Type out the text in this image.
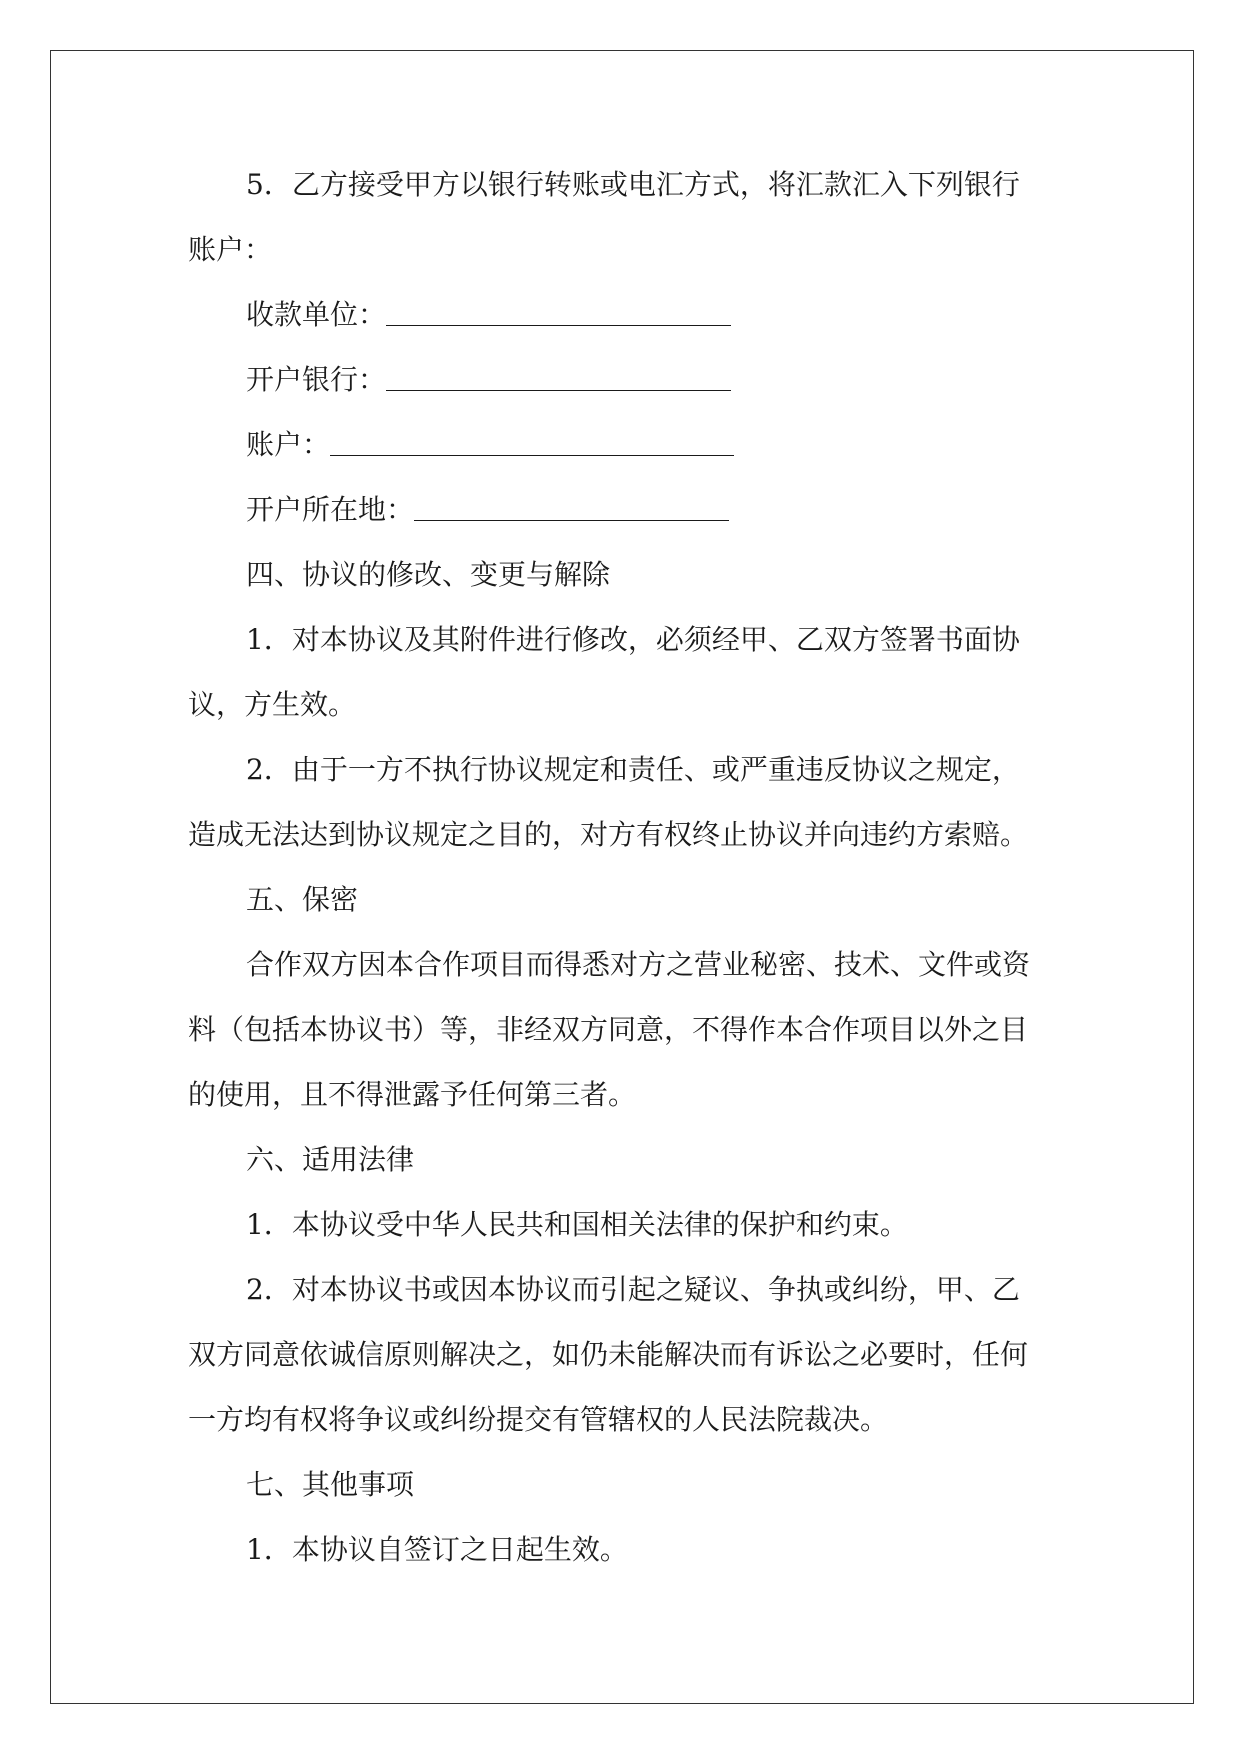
5．乙方接受甲方以银行转账或电汇方式，将汇款汇入下列银行
账户：
收款单位：
开户银行：
账户：
开户所在地：
四、协议的修改、变更与解除
1．对本协议及其附件进行修改，必须经甲、乙双方签署书面协
议，方生效。
2．由于一方不执行协议规定和责任、或严重违反协议之规定，
造成无法达到协议规定之目的，对方有权终止协议并向违约方索赔。
五、保密
合作双方因本合作项目而得悉对方之营业秘密、技术、文件或资
料（包括本协议书）等，非经双方同意，不得作本合作项目以外之目
的使用，且不得泄露予任何第三者。
六、适用法律
1．本协议受中华人民共和国相关法律的保护和约束。
2．对本协议书或因本协议而引起之疑议、争执或纠纷，甲、乙
双方同意依诚信原则解决之，如仍未能解决而有诉讼之必要时，任何
一方均有权将争议或纠纷提交有管辖权的人民法院裁决。
七、其他事项
1．本协议自签订之日起生效。
